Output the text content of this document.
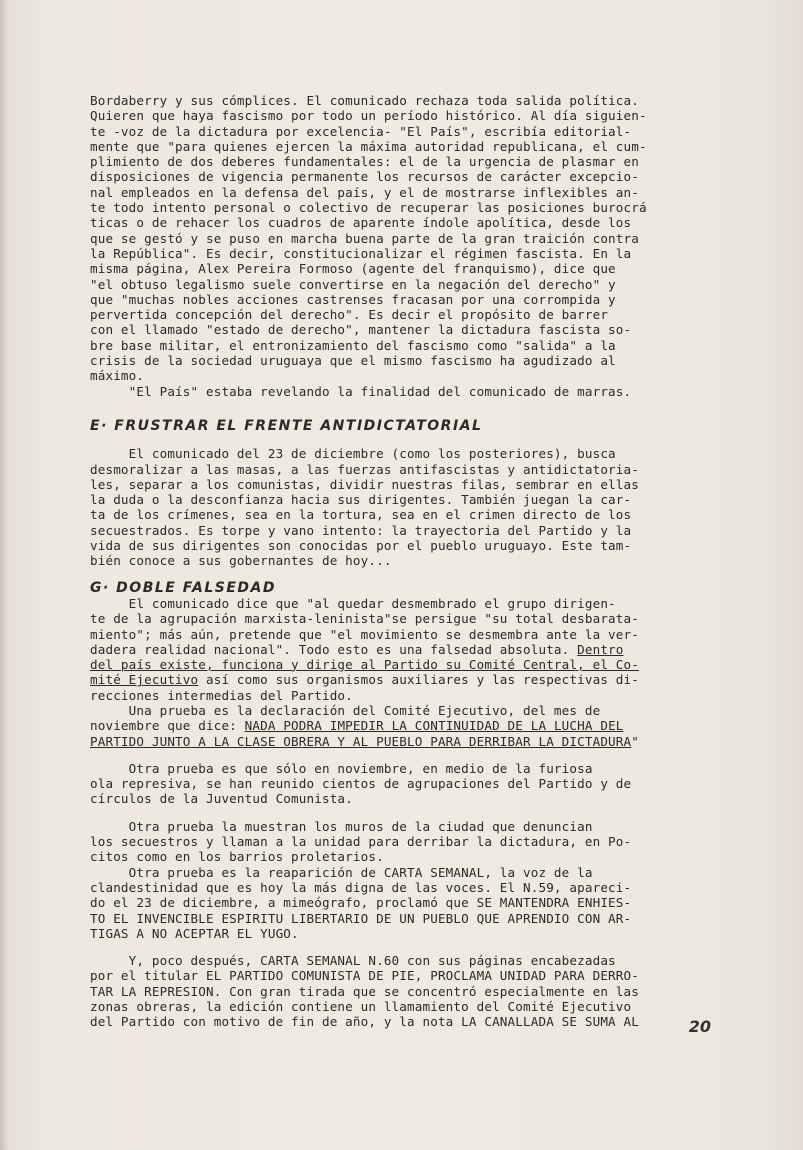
Bordaberry y sus cómplices. El comunicado rechaza toda salida política.

Quieren que haya fascismo por todo un período histórico. Al día siguien-

te -voz de la dictadura por excelencia- "El País", escribía editorial-

mente que "para quienes ejercen la máxima autoridad republicana, el cum-

plimiento de dos deberes fundamentales: el de la urgencia de plasmar en

disposiciones de vigencia permanente los recursos de carácter excepcio-

nal empleados en la defensa del país, y el de mostrarse inflexibles an-

te todo intento personal o colectivo de recuperar las posiciones burocrá

ticas o de rehacer los cuadros de aparente índole apolítica, desde los

que se gestó y se puso en marcha buena parte de la gran traición contra

la República". Es decir, constitucionalizar el régimen fascista. En la

misma página, Alex Pereira Formoso (agente del franquismo), dice que

"el obtuso legalismo suele convertirse en la negación del derecho" y

que "muchas nobles acciones castrenses fracasan por una corrompida y

pervertida concepción del derecho". Es decir el propósito de barrer

con el llamado "estado de derecho", mantener la dictadura fascista so-

bre base militar, el entronizamiento del fascismo como "salida" a la

crisis de la sociedad uruguaya que el mismo fascismo ha agudizado al

máximo.

"El País" estaba revelando la finalidad del comunicado de marras.

E· FRUSTRAR EL FRENTE ANTIDICTATORIAL

El comunicado del 23 de diciembre (como los posteriores), busca

desmoralizar a las masas, a las fuerzas antifascistas y antidictatoria-

les, separar a los comunistas, dividir nuestras filas, sembrar en ellas

la duda o la desconfianza hacia sus dirigentes. También juegan la car-

ta de los crímenes, sea en la tortura, sea en el crimen directo de los

secuestrados. Es torpe y vano intento: la trayectoria del Partido y la

vida de sus dirigentes son conocidas por el pueblo uruguayo. Este tam-

bién conoce a sus gobernantes de hoy...

G· DOBLE FALSEDAD

El comunicado dice que "al quedar desmembrado el grupo dirigen-

te de la agrupación marxista-leninista"se persigue "su total desbarata-

miento"; más aún, pretende que "el movimiento se desmembra ante la ver-

dadera realidad nacional". Todo esto es una falsedad absoluta. Dentro

del país existe, funciona y dirige al Partido su Comité Central, el Co-

mité Ejecutivo así como sus organismos auxiliares y las respectivas di-

recciones intermedias del Partido.

Una prueba es la declaración del Comité Ejecutivo, del mes de

noviembre que dice: NADA PODRA IMPEDIR LA CONTINUIDAD DE LA LUCHA DEL

PARTIDO JUNTO A LA CLASE OBRERA Y AL PUEBLO PARA DERRIBAR LA DICTADURA"

Otra prueba es que sólo en noviembre, en medio de la furiosa

ola represiva, se han reunido cientos de agrupaciones del Partido y de

círculos de la Juventud Comunista.

Otra prueba la muestran los muros de la ciudad que denuncian

los secuestros y llaman a la unidad para derribar la dictadura, en Po-

citos como en los barrios proletarios.

Otra prueba es la reaparición de CARTA SEMANAL, la voz de la

clandestinidad que es hoy la más digna de las voces. El N.59, apareci-

do el 23 de diciembre, a mimeógrafo, proclamó que SE MANTENDRA ENHIES-

TO EL INVENCIBLE ESPIRITU LIBERTARIO DE UN PUEBLO QUE APRENDIO CON AR-

TIGAS A NO ACEPTAR EL YUGO.

Y, poco después, CARTA SEMANAL N.60 con sus páginas encabezadas

por el titular EL PARTIDO COMUNISTA DE PIE, PROCLAMA UNIDAD PARA DERRO-

TAR LA REPRESION. Con gran tirada que se concentró especialmente en las

zonas obreras, la edición contiene un llamamiento del Comité Ejecutivo

del Partido con motivo de fin de año, y la nota LA CANALLADA SE SUMA AL	20
